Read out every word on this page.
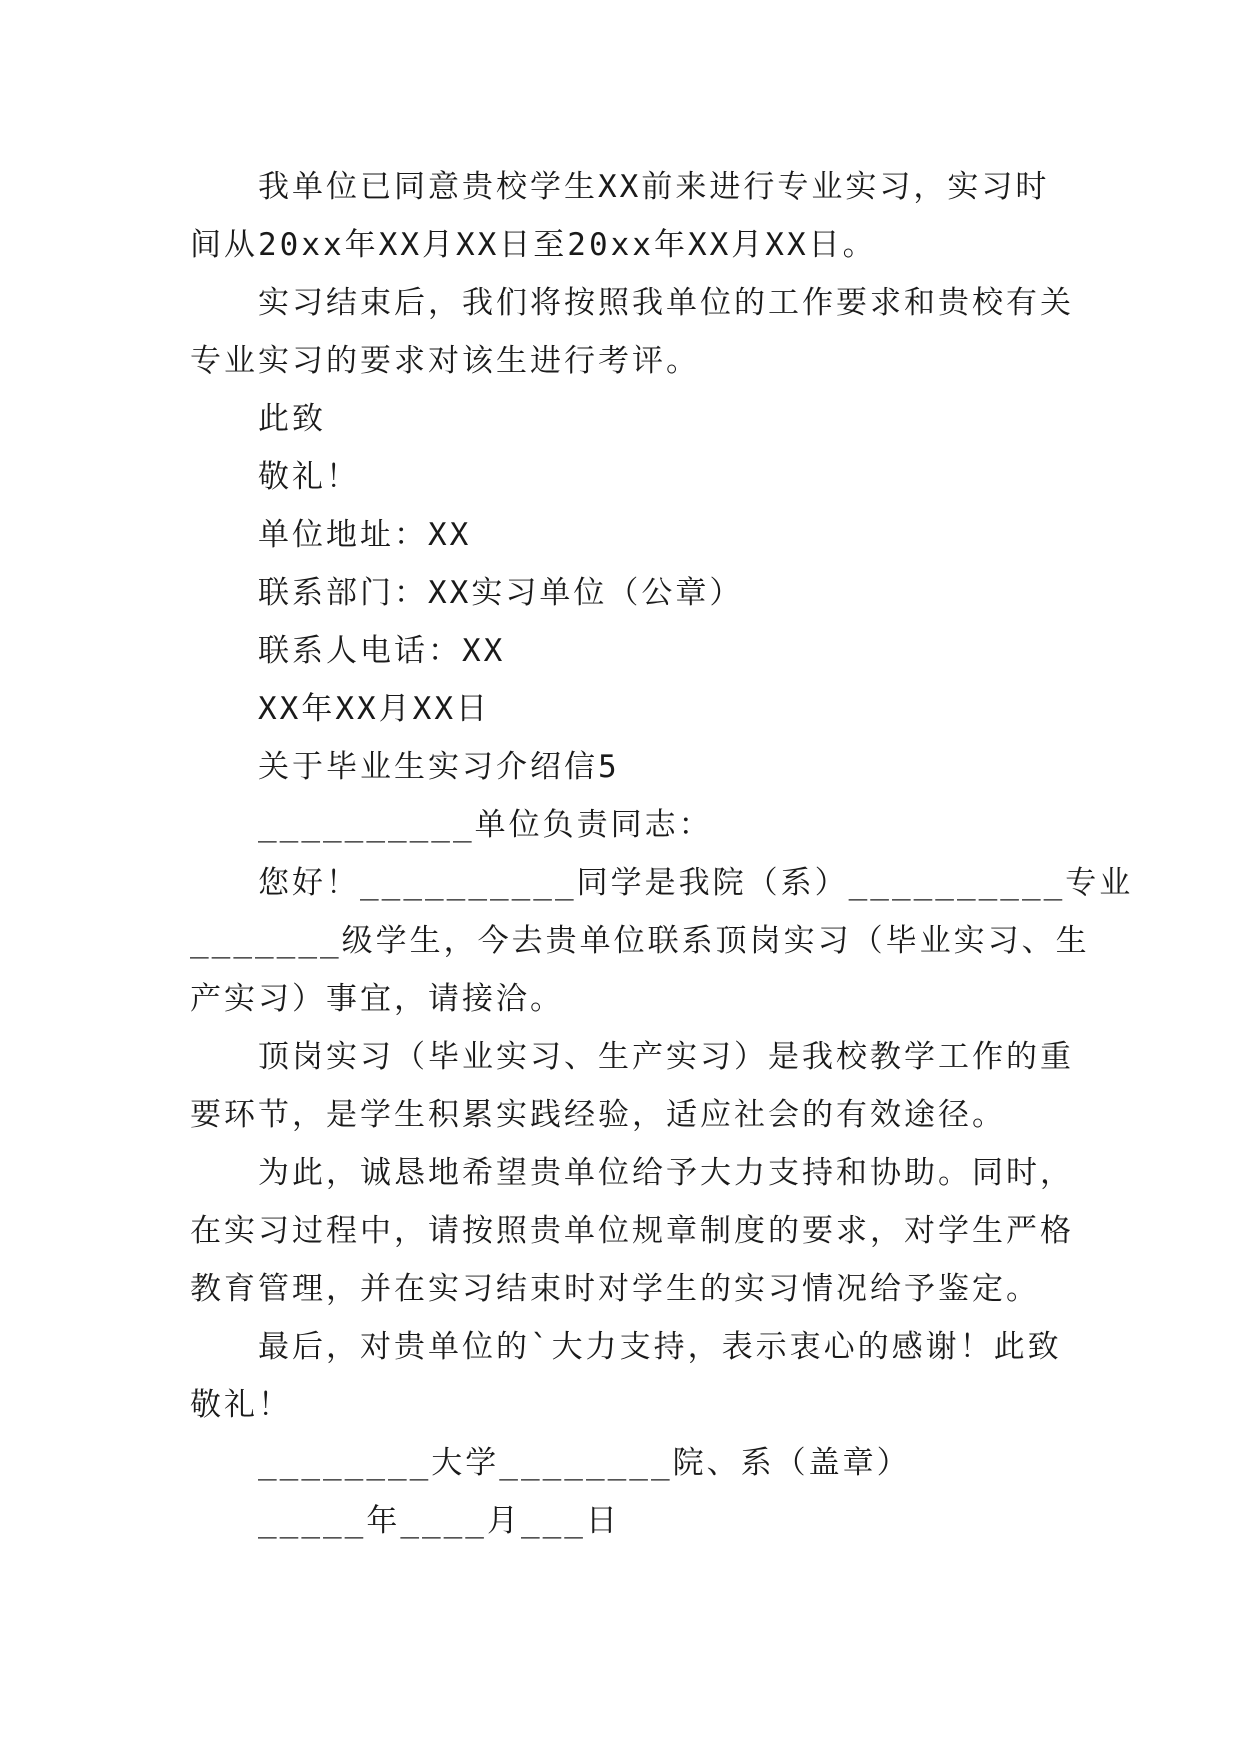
我单位已同意贵校学生XX前来进行专业实习，实习时

间从20xx年XX月XX日至20xx年XX月XX日。

实习结束后，我们将按照我单位的工作要求和贵校有关

专业实习的要求对该生进行考评。

此致

敬礼！

单位地址：XX

联系部门：XX实习单位（公章）

联系人电话：XX

XX年XX月XX日

关于毕业生实习介绍信5

__________单位负责同志：

您好！__________同学是我院（系）__________专业

_______级学生，今去贵单位联系顶岗实习（毕业实习、生

产实习）事宜，请接洽。

顶岗实习（毕业实习、生产实习）是我校教学工作的重

要环节，是学生积累实践经验，适应社会的有效途径。

为此，诚恳地希望贵单位给予大力支持和协助。同时，

在实习过程中，请按照贵单位规章制度的要求，对学生严格

教育管理，并在实习结束时对学生的实习情况给予鉴定。

最后，对贵单位的`大力支持，表示衷心的感谢！此致

敬礼！

________大学________院、系（盖章）

_____年____月___日
